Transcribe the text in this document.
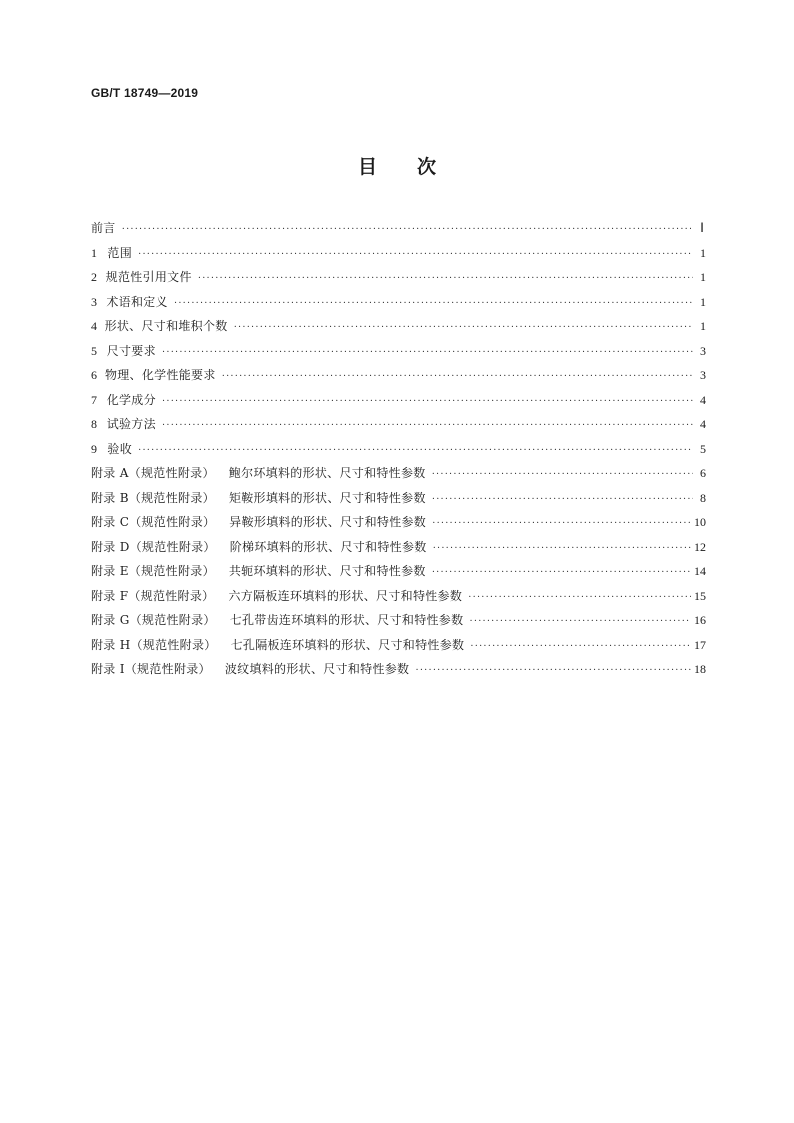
GB/T 18749—2019
目 次
前言 ·····	Ⅰ
1 范围 ·····	1
2 规范性引用文件 ·····	1
3 术语和定义 ·····	1
4 形状、尺寸和堆积个数 ·····	1
5 尺寸要求 ·····	3
6 物理、化学性能要求 ·····	3
7 化学成分 ·····	4
8 试验方法 ·····	4
9 验收 ·····	5
附录 A（规范性附录） 鲍尔环填料的形状、尺寸和特性参数 ·····	6
附录 B（规范性附录） 矩鞍形填料的形状、尺寸和特性参数 ·····	8
附录 C（规范性附录） 异鞍形填料的形状、尺寸和特性参数 ·····	10
附录 D（规范性附录） 阶梯环填料的形状、尺寸和特性参数 ·····	12
附录 E（规范性附录） 共轭环填料的形状、尺寸和特性参数 ·····	14
附录 F（规范性附录） 六方隔板连环填料的形状、尺寸和特性参数 ·····	15
附录 G（规范性附录） 七孔带齿连环填料的形状、尺寸和特性参数 ·····	16
附录 H（规范性附录） 七孔隔板连环填料的形状、尺寸和特性参数 ·····	17
附录 I（规范性附录） 波纹填料的形状、尺寸和特性参数 ·····	18
